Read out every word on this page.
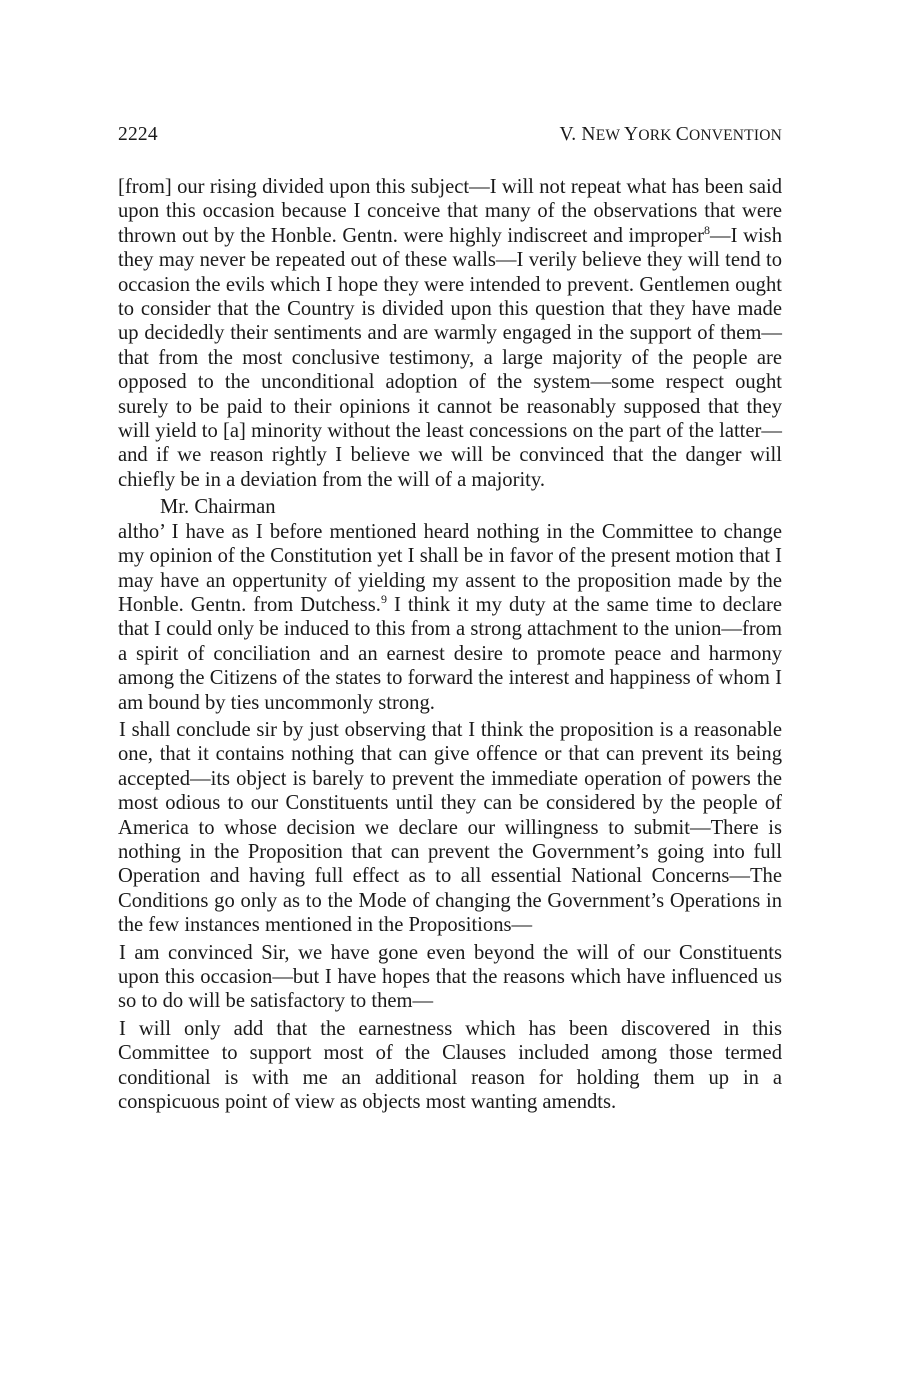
2224	V. NEW YORK CONVENTION

[from] our rising divided upon this subject—I will not repeat what has been said upon this occasion because I conceive that many of the observations that were thrown out by the Honble. Gentn. were highly indiscreet and improper$^8$—I wish they may never be repeated out of these walls—I verily believe they will tend to occasion the evils which I hope they were intended to prevent. Gentlemen ought to consider that the Country is divided upon this question that they have made up decidedly their sentiments and are warmly engaged in the support of them—that from the most conclusive testimony, a large majority of the people are opposed to the unconditional adoption of the system—some respect ought surely to be paid to their opinions it cannot be reasonably supposed that they will yield to [a] minority without the least concessions on the part of the latter—and if we reason rightly I believe we will be convinced that the danger will chiefly be in a deviation from the will of a majority.

Mr. Chairman

altho’ I have as I before mentioned heard nothing in the Committee to change my opinion of the Constitution yet I shall be in favor of the present motion that I may have an oppertunity of yielding my assent to the proposition made by the Honble. Gentn. from Dutchess.$^9$ I think it my duty at the same time to declare that I could only be induced to this from a strong attachment to the union—from a spirit of conciliation and an earnest desire to promote peace and harmony among the Citizens of the states to forward the interest and happiness of whom I am bound by ties uncommonly strong.

I shall conclude sir by just observing that I think the proposition is a reasonable one, that it contains nothing that can give offence or that can prevent its being accepted—its object is barely to prevent the immediate operation of powers the most odious to our Constituents until they can be considered by the people of America to whose decision we declare our willingness to submit—There is nothing in the Proposition that can prevent the Government’s going into full Operation and having full effect as to all essential National Concerns—The Conditions go only as to the Mode of changing the Government’s Operations in the few instances mentioned in the Propositions—

I am convinced Sir, we have gone even beyond the will of our Constituents upon this occasion—but I have hopes that the reasons which have influenced us so to do will be satisfactory to them—

I will only add that the earnestness which has been discovered in this Committee to support most of the Clauses included among those termed conditional is with me an additional reason for holding them up in a conspicuous point of view as objects most wanting amendts.
